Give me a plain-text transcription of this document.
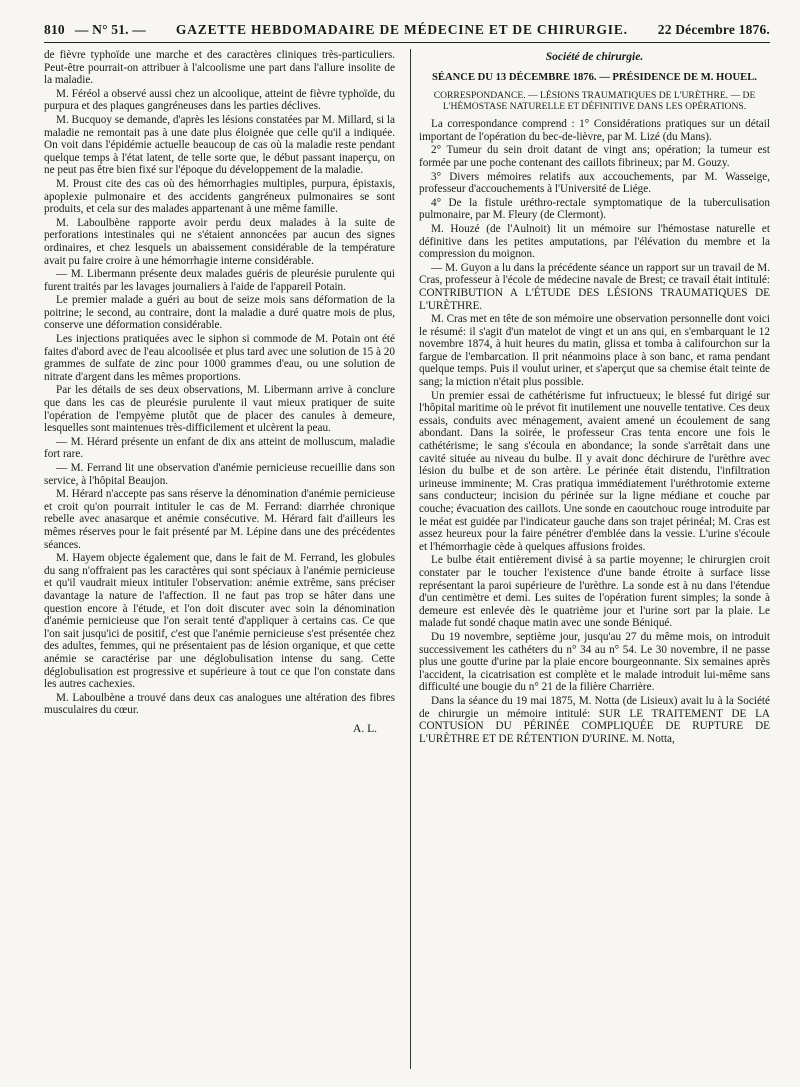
810 — N° 51. —	GAZETTE HEBDOMADAIRE DE MÉDECINE ET DE CHIRURGIE.	22 Décembre 1876.

de fièvre typhoïde une marche et des caractères cliniques très-particuliers. Peut-être pourrait-on attribuer à l'alcoolisme une part dans l'allure insolite de la maladie.

M. Féréol a observé aussi chez un alcoolique, atteint de fièvre typhoïde, du purpura et des plaques gangréneuses dans les parties déclives.

M. Bucquoy se demande, d'après les lésions constatées par M. Millard, si la maladie ne remontait pas à une date plus éloignée que celle qu'il a indiquée. On voit dans l'épidémie actuelle beaucoup de cas où la maladie reste pendant quelque temps à l'état latent, de telle sorte que, le début passant inaperçu, on ne peut pas être bien fixé sur l'époque du développement de la maladie.

M. Proust cite des cas où des hémorrhagies multiples, purpura, épistaxis, apoplexie pulmonaire et des accidents gangréneux pulmonaires se sont produits, et cela sur des malades appartenant à une même famille.

M. Laboulbène rapporte avoir perdu deux malades à la suite de perforations intestinales qui ne s'étaient annoncées par aucun des signes ordinaires, et chez lesquels un abaissement considérable de la température avait pu faire croire à une hémorrhagie interne considérable.

— M. Libermann présente deux malades guéris de pleurésie purulente qui furent traités par les lavages journaliers à l'aide de l'appareil Potain.

Le premier malade a guéri au bout de seize mois sans déformation de la poitrine; le second, au contraire, dont la maladie a duré quatre mois de plus, conserve une déformation considérable.

Les injections pratiquées avec le siphon si commode de M. Potain ont été faites d'abord avec de l'eau alcoolisée et plus tard avec une solution de 15 à 20 grammes de sulfate de zinc pour 1000 grammes d'eau, ou une solution de nitrate d'argent dans les mêmes proportions.

Par les détails de ses deux observations, M. Libermann arrive à conclure que dans les cas de pleurésie purulente il vaut mieux pratiquer de suite l'opération de l'empyème plutôt que de placer des canules à demeure, lesquelles sont maintenues très-difficilement et ulcèrent la peau.

— M. Hérard présente un enfant de dix ans atteint de molluscum, maladie fort rare.

— M. Ferrand lit une observation d'anémie pernicieuse recueillie dans son service, à l'hôpital Beaujon.

M. Hérard n'accepte pas sans réserve la dénomination d'anémie pernicieuse et croit qu'on pourrait intituler le cas de M. Ferrand: diarrhée chronique rebelle avec anasarque et anémie consécutive. M. Hérard fait d'ailleurs les mêmes réserves pour le fait présenté par M. Lépine dans une des précédentes séances.

M. Hayem objecte également que, dans le fait de M. Ferrand, les globules du sang n'offraient pas les caractères qui sont spéciaux à l'anémie pernicieuse et qu'il vaudrait mieux intituler l'observation: anémie extrême, sans préciser davantage la nature de l'affection. Il ne faut pas trop se hâter dans une question encore à l'étude, et l'on doit discuter avec soin la dénomination d'anémie pernicieuse que l'on serait tenté d'appliquer à certains cas. Ce que l'on sait jusqu'ici de positif, c'est que l'anémie pernicieuse s'est présentée chez des adultes, femmes, qui ne présentaient pas de lésion organique, et que cette anémie se caractérise par une déglobulisation intense du sang. Cette déglobulisation est progressive et supérieure à tout ce que l'on constate dans les autres cachexies.

M. Laboulbène a trouvé dans deux cas analogues une altération des fibres musculaires du cœur.

A. L.
Société de chirurgie.
SÉANCE DU 13 DÉCEMBRE 1876. — PRÉSIDENCE DE M. HOUEL.
CORRESPONDANCE. — LÉSIONS TRAUMATIQUES DE L'URÈTHRE. — DE L'HÉMOSTASE NATURELLE ET DÉFINITIVE DANS LES OPÉRATIONS.

La correspondance comprend : 1° Considérations pratiques sur un détail important de l'opération du bec-de-lièvre, par M. Lizé (du Mans).

2° Tumeur du sein droit datant de vingt ans; opération; la tumeur est formée par une poche contenant des caillots fibrineux; par M. Gouzy.

3° Divers mémoires relatifs aux accouchements, par M. Wasseige, professeur d'accouchements à l'Université de Liége.

4° De la fistule uréthro-rectale symptomatique de la tuberculisation pulmonaire, par M. Fleury (de Clermont).

M. Houzé (de l'Aulnoit) lit un mémoire sur l'hémostase naturelle et définitive dans les petites amputations, par l'élévation du membre et la compression du moignon.

— M. Guyon a lu dans la précédente séance un rapport sur un travail de M. Cras, professeur à l'école de médecine navale de Brest; ce travail était intitulé: CONTRIBUTION A L'ÉTUDE DES LÉSIONS TRAUMATIQUES DE L'URÈTHRE.

M. Cras met en tête de son mémoire une observation personnelle dont voici le résumé: il s'agit d'un matelot de vingt et un ans qui, en s'embarquant le 12 novembre 1874, à huit heures du matin, glissa et tomba à califourchon sur la fargue de l'embarcation. Il prit néanmoins place à son banc, et rama pendant quelque temps. Puis il voulut uriner, et s'aperçut que sa chemise était teinte de sang; la miction n'était plus possible.

Un premier essai de cathétérisme fut infructueux; le blessé fut dirigé sur l'hôpital maritime où le prévot fit inutilement une nouvelle tentative. Ces deux essais, conduits avec ménagement, avaient amené un écoulement de sang abondant. Dans la soirée, le professeur Cras tenta encore une fois le cathétérisme; le sang s'écoula en abondance; la sonde s'arrêtait dans une cavité située au niveau du bulbe. Il y avait donc déchirure de l'urèthre avec lésion du bulbe et de son artère. Le périnée était distendu, l'infiltration urineuse imminente; M. Cras pratiqua immédiatement l'uréthrotomie externe sans conducteur; incision du périnée sur la ligne médiane et couche par couche; évacuation des caillots. Une sonde en caoutchouc rouge introduite par le méat est guidée par l'indicateur gauche dans son trajet périnéal; M. Cras est assez heureux pour la faire pénétrer d'emblée dans la vessie. L'urine s'écoule et l'hémorrhagie cède à quelques affusions froides.

Le bulbe était entièrement divisé à sa partie moyenne; le chirurgien croit constater par le toucher l'existence d'une bande étroite à surface lisse représentant la paroi supérieure de l'urèthre. La sonde est à nu dans l'étendue d'un centimètre et demi. Les suites de l'opération furent simples; la sonde à demeure est enlevée dès le quatrième jour et l'urine sort par la plaie. Le malade fut sondé chaque matin avec une sonde Béniqué.

Du 19 novembre, septième jour, jusqu'au 27 du même mois, on introduit successivement les cathéters du n° 34 au n° 54. Le 30 novembre, il ne passe plus une goutte d'urine par la plaie encore bourgeonnante. Six semaines après l'accident, la cicatrisation est complète et le malade introduit lui-même sans difficulté une bougie du n° 21 de la filière Charrière.

Dans la séance du 19 mai 1875, M. Notta (de Lisieux) avait lu à la Société de chirurgie un mémoire intitulé: SUR LE TRAITEMENT DE LA CONTUSION DU PÉRINÉE COMPLIQUÉE DE RUPTURE DE L'URÈTHRE ET DE RÉTENTION D'URINE. M. Notta,
